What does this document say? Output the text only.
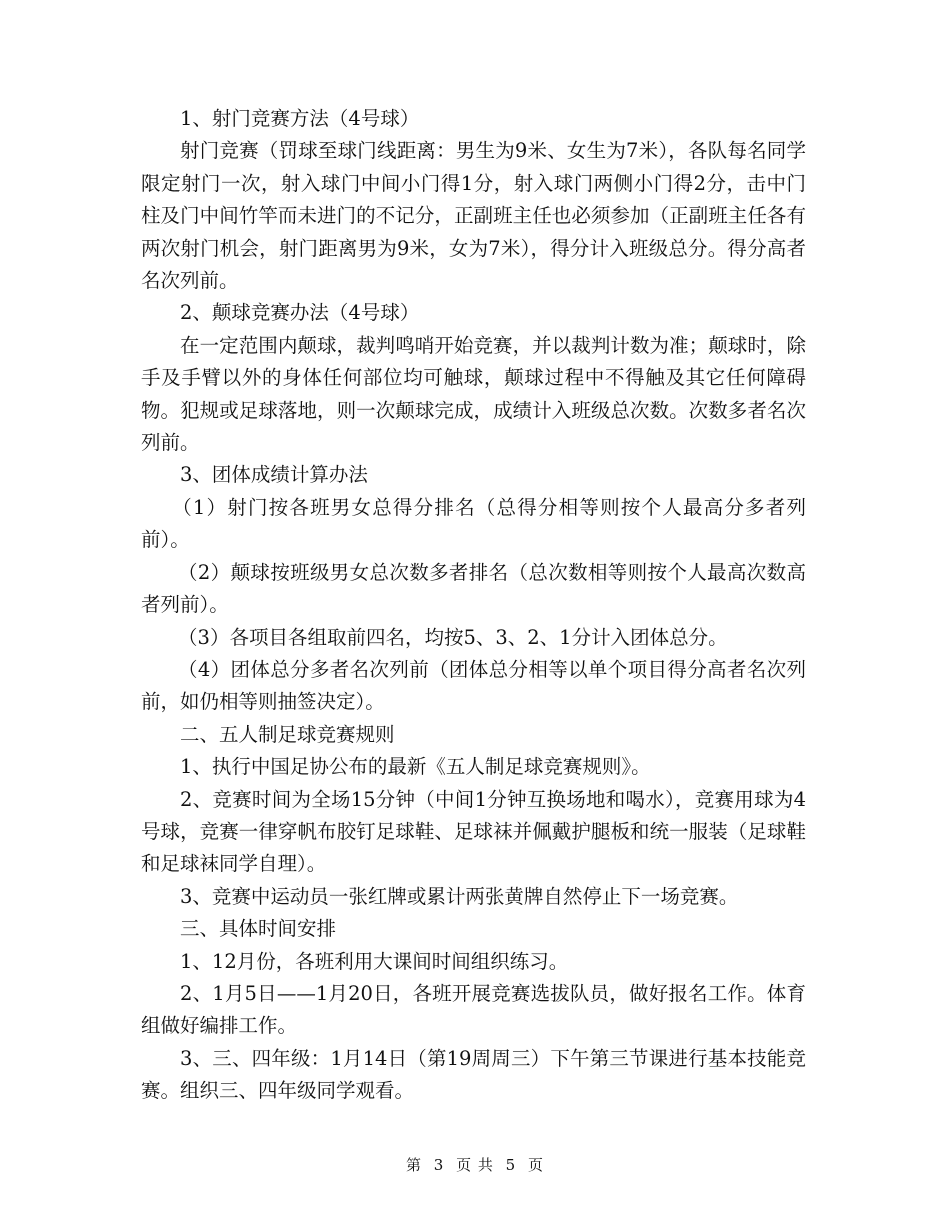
1、射门竞赛方法（4号球）

射门竞赛（罚球至球门线距离：男生为9米、女生为7米），各队每名同学限定射门一次，射入球门中间小门得1分，射入球门两侧小门得2分，击中门柱及门中间竹竿而未进门的不记分，正副班主任也必须参加（正副班主任各有两次射门机会，射门距离男为9米，女为7米），得分计入班级总分。得分高者名次列前。

2、颠球竞赛办法（4号球）

在一定范围内颠球，裁判鸣哨开始竞赛，并以裁判计数为准；颠球时，除手及手臂以外的身体任何部位均可触球，颠球过程中不得触及其它任何障碍物。犯规或足球落地，则一次颠球完成，成绩计入班级总次数。次数多者名次列前。

3、团体成绩计算办法

（1）射门按各班男女总得分排名（总得分相等则按个人最高分多者列前）。

（2）颠球按班级男女总次数多者排名（总次数相等则按个人最高次数高者列前）。

（3）各项目各组取前四名，均按5、3、2、1分计入团体总分。

（4）团体总分多者名次列前（团体总分相等以单个项目得分高者名次列前，如仍相等则抽签决定）。

二、五人制足球竞赛规则

1、执行中国足协公布的最新《五人制足球竞赛规则》。

2、竞赛时间为全场15分钟（中间1分钟互换场地和喝水），竞赛用球为4号球，竞赛一律穿帆布胶钉足球鞋、足球袜并佩戴护腿板和统一服装（足球鞋和足球袜同学自理）。

3、竞赛中运动员一张红牌或累计两张黄牌自然停止下一场竞赛。

三、具体时间安排

1、12月份，各班利用大课间时间组织练习。

2、1月5日——1月20日，各班开展竞赛选拔队员，做好报名工作。体育组做好编排工作。

3、三、四年级：1月14日（第19周周三）下午第三节课进行基本技能竞赛。组织三、四年级同学观看。

第 3 页 共 5 页
